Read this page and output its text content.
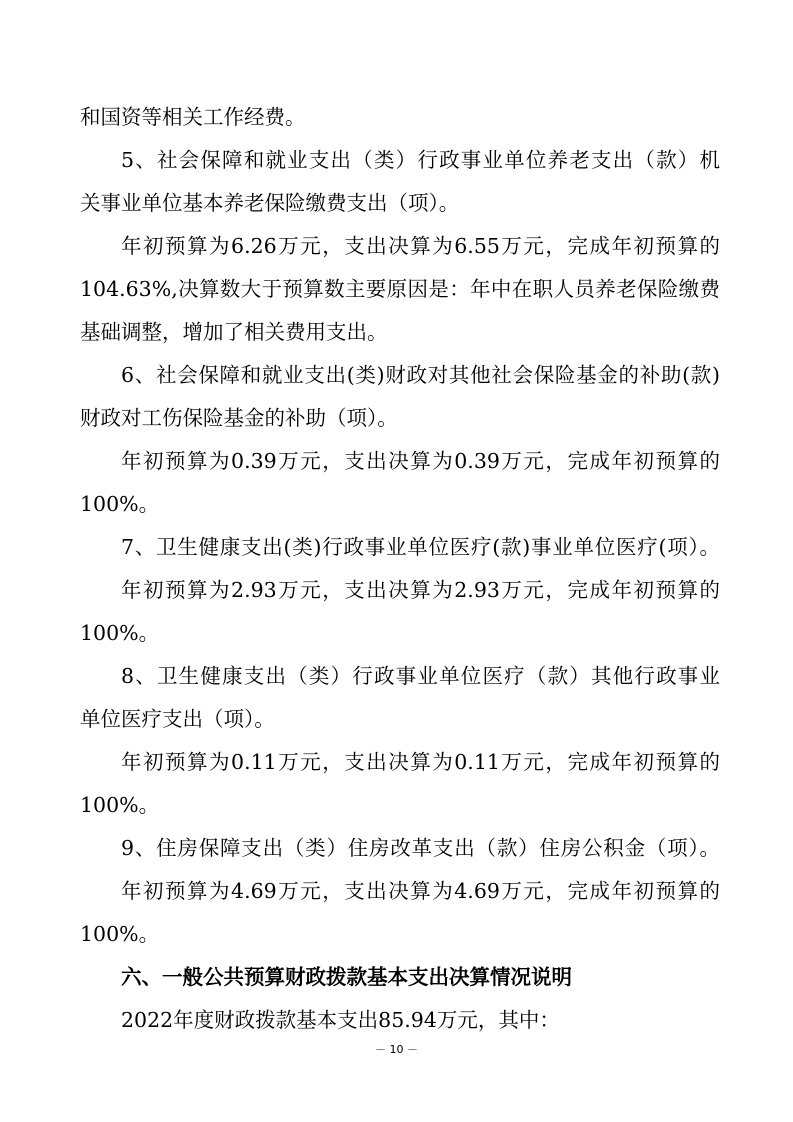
和国资等相关工作经费。
5、社会保障和就业支出（类）行政事业单位养老支出（款）机
关事业单位基本养老保险缴费支出（项）。
年初预算为6.26万元，支出决算为6.55万元，完成年初预算的
104.63%,决算数大于预算数主要原因是：年中在职人员养老保险缴费
基础调整，增加了相关费用支出。
6、社会保障和就业支出(类)财政对其他社会保险基金的补助(款)
财政对工伤保险基金的补助（项）。
年初预算为0.39万元，支出决算为0.39万元，完成年初预算的
100%。
7、卫生健康支出(类)行政事业单位医疗(款)事业单位医疗(项）。
年初预算为2.93万元，支出决算为2.93万元，完成年初预算的
100%。
8、卫生健康支出（类）行政事业单位医疗（款）其他行政事业
单位医疗支出（项）。
年初预算为0.11万元，支出决算为0.11万元，完成年初预算的
100%。
9、住房保障支出（类）住房改革支出（款）住房公积金（项）。
年初预算为4.69万元，支出决算为4.69万元，完成年初预算的
100%。
六、一般公共预算财政拨款基本支出决算情况说明
2022年度财政拨款基本支出85.94万元，其中：
－ 10 －
